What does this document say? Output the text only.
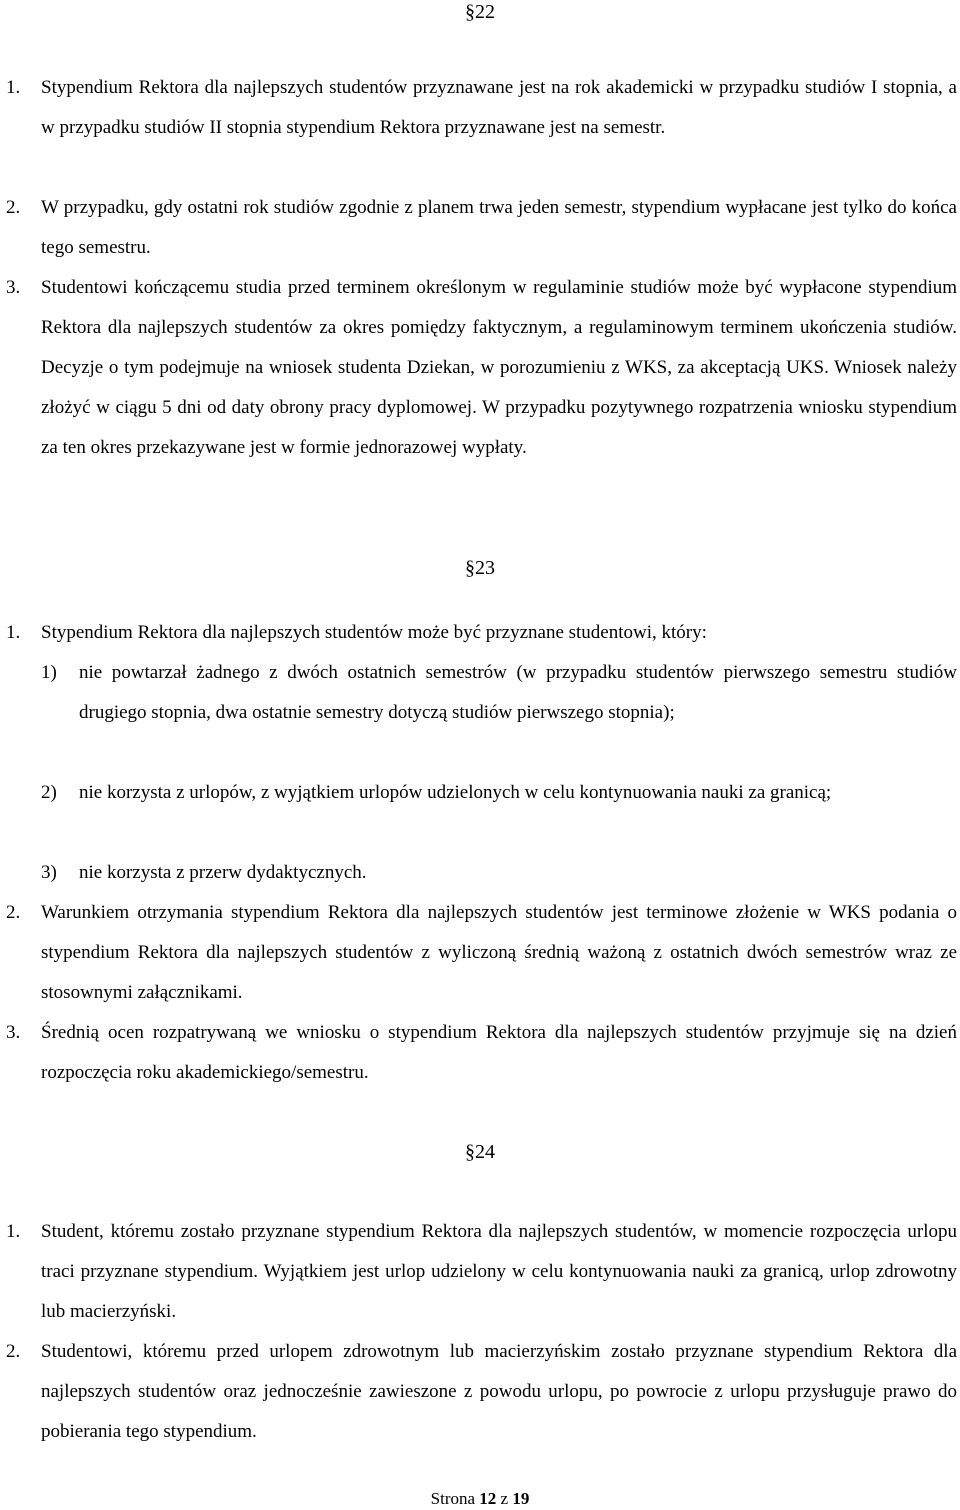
§22
1.	Stypendium Rektora dla najlepszych studentów przyznawane jest na rok akademicki w przypadku studiów I stopnia, a w przypadku studiów II stopnia stypendium Rektora przyznawane jest na semestr.
2.	W przypadku, gdy ostatni rok studiów zgodnie z planem trwa jeden semestr, stypendium wypłacane jest tylko do końca tego semestru.
3.	Studentowi kończącemu studia przed terminem określonym w regulaminie studiów może być wypłacone stypendium Rektora dla najlepszych studentów za okres pomiędzy faktycznym, a regulaminowym terminem ukończenia studiów. Decyzje o tym podejmuje na wniosek studenta Dziekan, w porozumieniu z WKS, za akceptacją UKS. Wniosek należy złożyć w ciągu 5 dni od daty obrony pracy dyplomowej. W przypadku pozytywnego rozpatrzenia wniosku stypendium za ten okres przekazywane jest w formie jednorazowej wypłaty.
§23
1.	Stypendium Rektora dla najlepszych studentów może być przyznane studentowi, który:
1) nie powtarzał żadnego z dwóch ostatnich semestrów (w przypadku studentów pierwszego semestru studiów drugiego stopnia, dwa ostatnie semestry dotyczą studiów pierwszego stopnia);
2) nie korzysta z urlopów, z wyjątkiem urlopów udzielonych w celu kontynuowania nauki za granicą;
3) nie korzysta z przerw dydaktycznych.
2.	Warunkiem otrzymania stypendium Rektora dla najlepszych studentów jest terminowe złożenie w WKS podania o stypendium Rektora dla najlepszych studentów z wyliczoną średnią ważoną z ostatnich dwóch semestrów wraz ze stosownymi załącznikami.
3.	Średnią ocen rozpatrywaną we wniosku o stypendium Rektora dla najlepszych studentów przyjmuje się na dzień rozpoczęcia roku akademickiego/semestru.
§24
1.	Student, któremu zostało przyznane stypendium Rektora dla najlepszych studentów, w momencie rozpoczęcia urlopu traci przyznane stypendium. Wyjątkiem jest urlop udzielony w celu kontynuowania nauki za granicą, urlop zdrowotny lub macierzyński.
2.	Studentowi, któremu przed urlopem zdrowotnym lub macierzyńskim zostało przyznane stypendium Rektora dla najlepszych studentów oraz jednocześnie zawieszone z powodu urlopu, po powrocie z urlopu przysługuje prawo do pobierania tego stypendium.
Strona 12 z 19
